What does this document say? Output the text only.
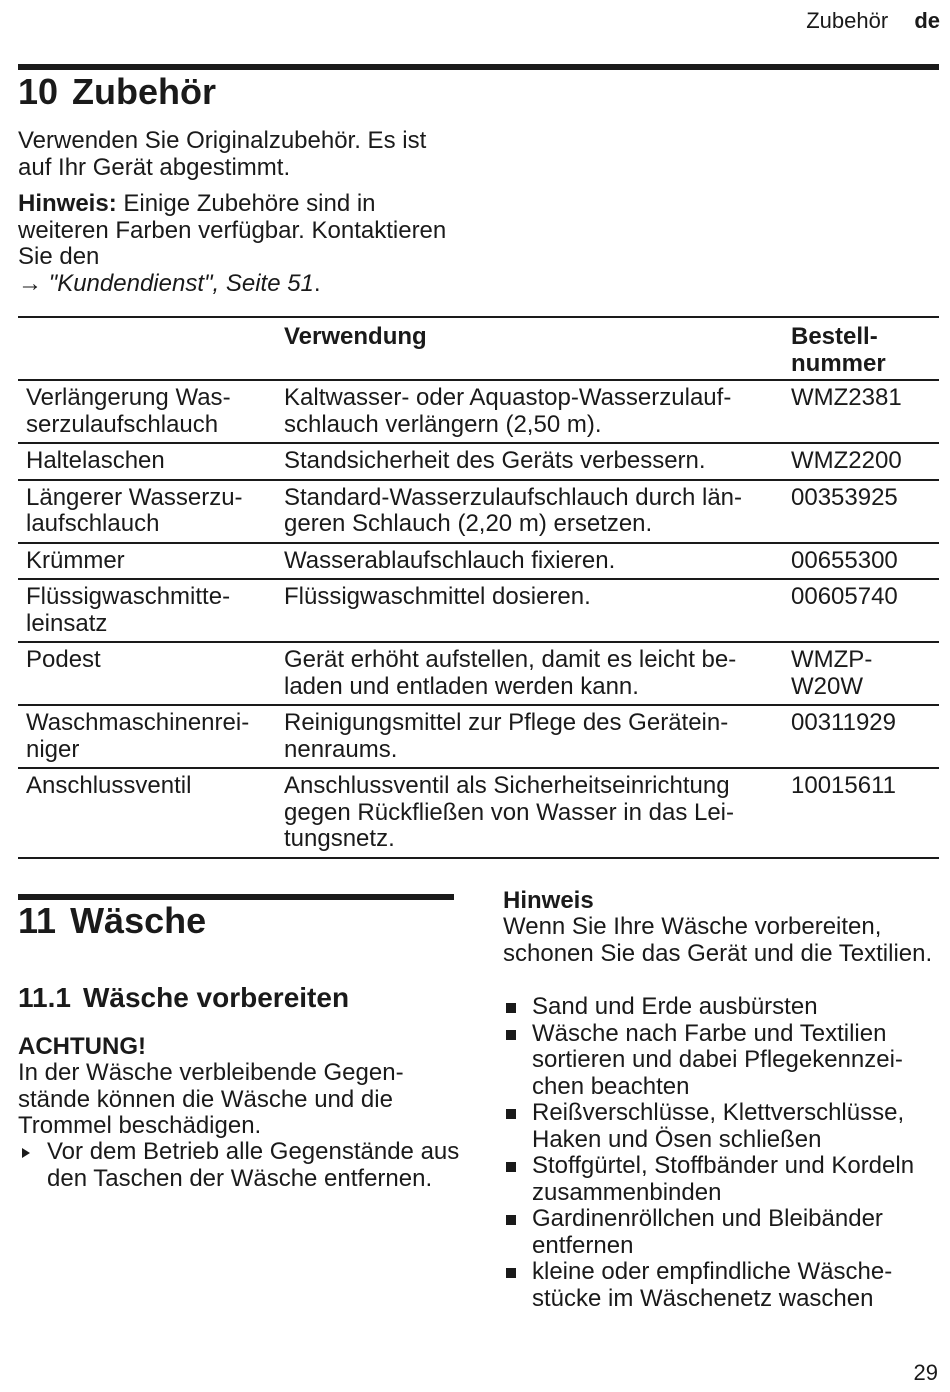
Zubehör de
10 Zubehör

Verwenden Sie Originalzubehör. Es ist auf Ihr Gerät abgestimmt.

Hinweis: Einige Zubehöre sind in weiteren Farben verfügbar. Kontaktieren Sie den
→ "Kundendienst", Seite 51.

	Verwendung	Bestellnummer
Verlängerung Wasserzulaufschlauch	Kaltwasser- oder Aquastop-Wasserzulaufschlauch verlängern (2,50 m).	WMZ2381
Haltelaschen	Standsicherheit des Geräts verbessern.	WMZ2200
Längerer Wasserzulaufschlauch	Standard-Wasserzulaufschlauch durch längeren Schlauch (2,20 m) ersetzen.	00353925
Krümmer	Wasserablaufschlauch fixieren.	00655300
Flüssigwaschmitteleinsatz	Flüssigwaschmittel dosieren.	00605740
Podest	Gerät erhöht aufstellen, damit es leicht beladen und entladen werden kann.	WMZPW20W
Waschmaschinenreiniger	Reinigungsmittel zur Pflege des Geräteinnenraums.	00311929
Anschlussventil	Anschlussventil als Sicherheitseinrichtung gegen Rückfließen von Wasser in das Leitungsnetz.	10015611
11 Wäsche
11.1 Wäsche vorbereiten
ACHTUNG!

In der Wäsche verbleibende Gegenstände können die Wäsche und die Trommel beschädigen.

Vor dem Betrieb alle Gegenstände aus den Taschen der Wäsche entfernen.
Hinweis

Wenn Sie Ihre Wäsche vorbereiten, schonen Sie das Gerät und die Textilien.

Sand und Erde ausbürsten
Wäsche nach Farbe und Textilien sortieren und dabei Pflegekennzeichen beachten
Reißverschlüsse, Klettverschlüsse, Haken und Ösen schließen
Stoffgürtel, Stoffbänder und Kordeln zusammenbinden
Gardinenröllchen und Bleibänder entfernen
kleine oder empfindliche Wäschestücke im Wäschenetz waschen
29
